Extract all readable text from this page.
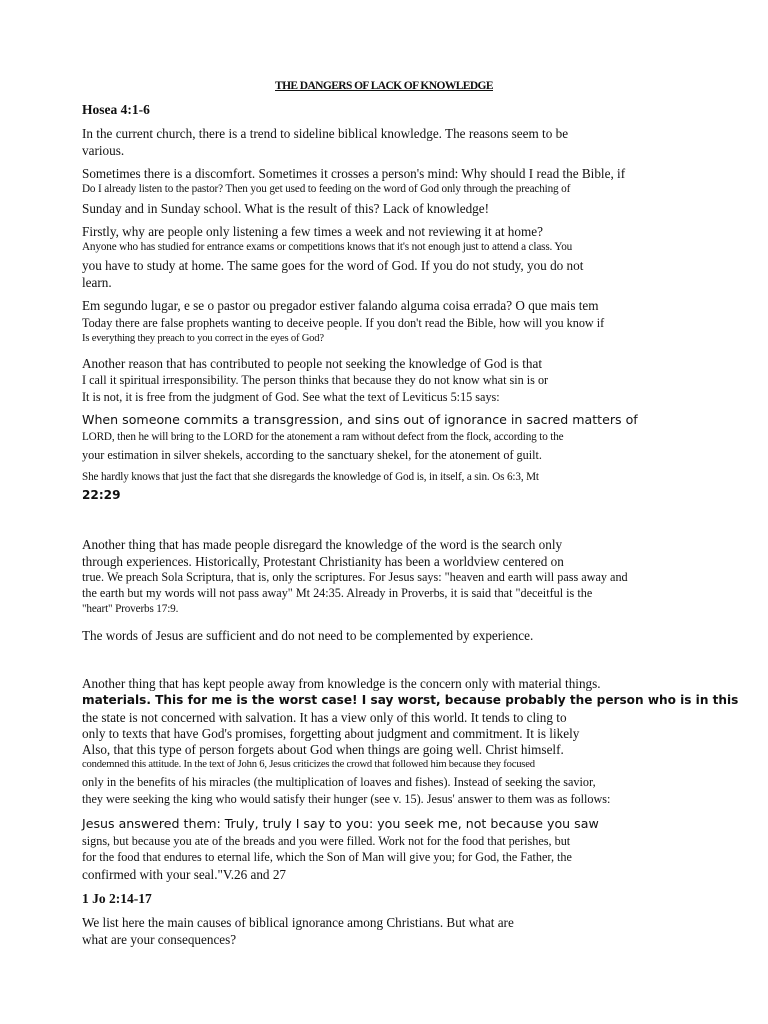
THE DANGERS OF LACK OF KNOWLEDGE
Hosea 4:1-6
In the current church, there is a trend to sideline biblical knowledge. The reasons seem to be
various.
Sometimes there is a discomfort. Sometimes it crosses a person's mind: Why should I read the Bible, if
Do I already listen to the pastor? Then you get used to feeding on the word of God only through the preaching of
Sunday and in Sunday school. What is the result of this? Lack of knowledge!
Firstly, why are people only listening a few times a week and not reviewing it at home?
Anyone who has studied for entrance exams or competitions knows that it's not enough just to attend a class. You
you have to study at home. The same goes for the word of God. If you do not study, you do not
learn.
Em segundo lugar, e se o pastor ou pregador estiver falando alguma coisa errada? O que mais tem
Today there are false prophets wanting to deceive people. If you don't read the Bible, how will you know if
Is everything they preach to you correct in the eyes of God?
Another reason that has contributed to people not seeking the knowledge of God is that
I call it spiritual irresponsibility. The person thinks that because they do not know what sin is or
It is not, it is free from the judgment of God. See what the text of Leviticus 5:15 says:
When someone commits a transgression, and sins out of ignorance in sacred matters of
LORD, then he will bring to the LORD for the atonement a ram without defect from the flock, according to the
your estimation in silver shekels, according to the sanctuary shekel, for the atonement of guilt.
She hardly knows that just the fact that she disregards the knowledge of God is, in itself, a sin. Os 6:3, Mt
22:29
Another thing that has made people disregard the knowledge of the word is the search only
through experiences. Historically, Protestant Christianity has been a worldview centered on
true. We preach Sola Scriptura, that is, only the scriptures. For Jesus says: "heaven and earth will pass away and
the earth but my words will not pass away" Mt 24:35. Already in Proverbs, it is said that "deceitful is the
"heart" Proverbs 17:9.
The words of Jesus are sufficient and do not need to be complemented by experience.
Another thing that has kept people away from knowledge is the concern only with material things.
materials. This for me is the worst case! I say worst, because probably the person who is in this
the state is not concerned with salvation. It has a view only of this world. It tends to cling to
only to texts that have God's promises, forgetting about judgment and commitment. It is likely
Also, that this type of person forgets about God when things are going well. Christ himself.
condemned this attitude. In the text of John 6, Jesus criticizes the crowd that followed him because they focused
only in the benefits of his miracles (the multiplication of loaves and fishes). Instead of seeking the savior,
they were seeking the king who would satisfy their hunger (see v. 15). Jesus' answer to them was as follows:
Jesus answered them: Truly, truly I say to you: you seek me, not because you saw
signs, but because you ate of the breads and you were filled. Work not for the food that perishes, but
for the food that endures to eternal life, which the Son of Man will give you; for God, the Father, the
confirmed with your seal."V.26 and 27
1 Jo 2:14-17
We list here the main causes of biblical ignorance among Christians. But what are
what are your consequences?
